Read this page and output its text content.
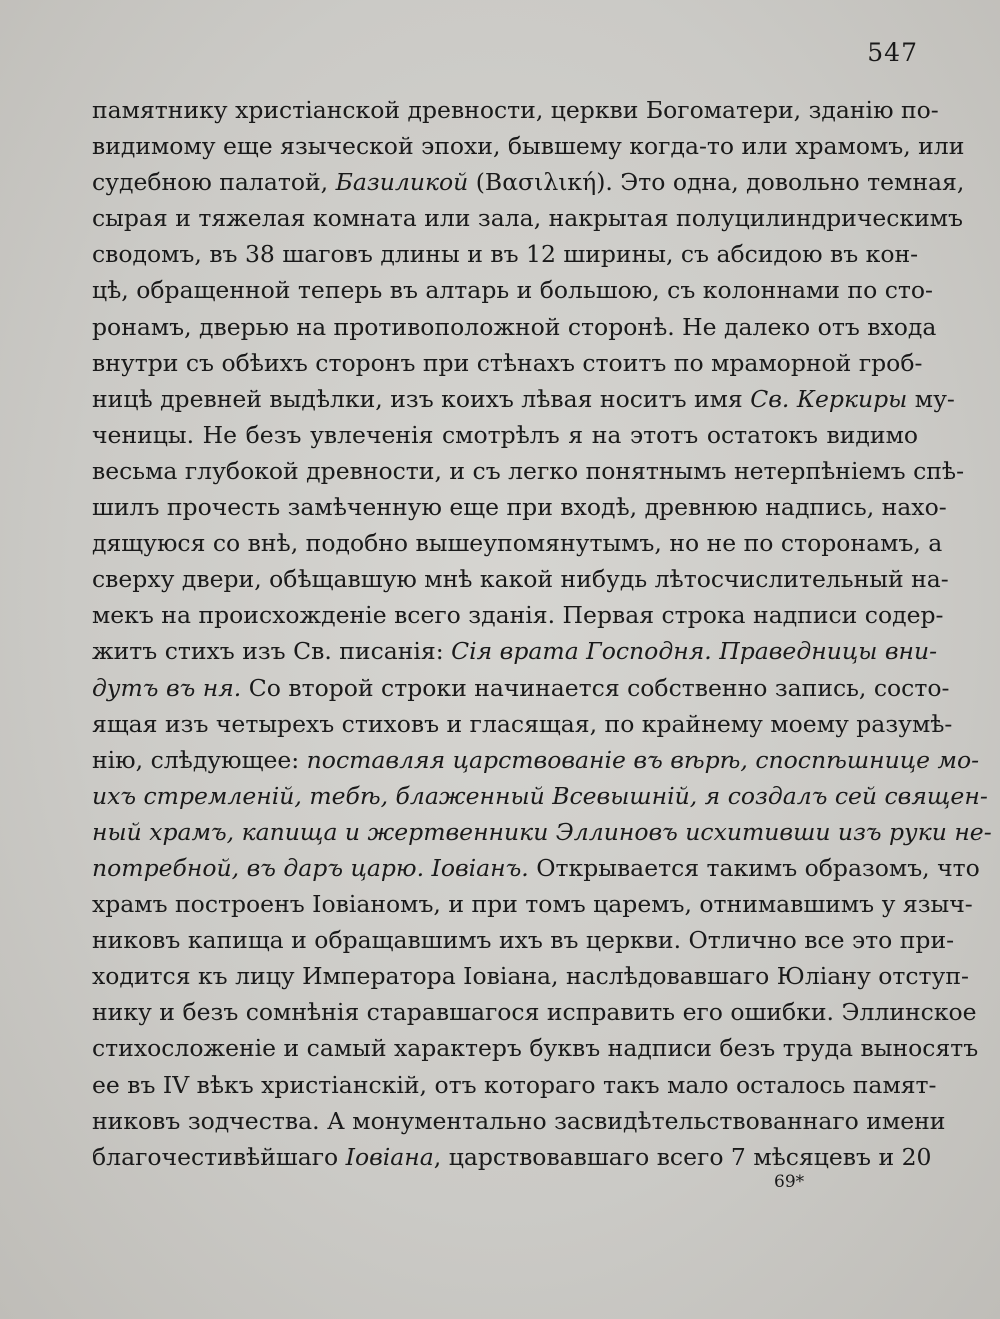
547
памятнику христіанской древности, церкви Богоматери, зданію по-
видимому еще языческой эпохи, бывшему когда-то или храмомъ, или
судебною палатой, Базиликой (Βασιλική). Это одна, довольно темная,
сырая и тяжелая комната или зала, накрытая полуцилиндрическимъ
сводомъ, въ 38 шаговъ длины и въ 12 ширины, съ абсидою въ кон-
цѣ, обращенной теперь въ алтарь и большою, съ колоннами по сто-
ронамъ, дверью на противоположной сторонѣ. Не далеко отъ входа
внутри съ обѣихъ сторонъ при стѣнахъ стоитъ по мраморной гроб-
ницѣ древней выдѣлки, изъ коихъ лѣвая носитъ имя Св. Керкиры му-
ченицы. Не безъ увлеченія смотрѣлъ я на этотъ остатокъ видимо
весьма глубокой древности, и съ легко понятнымъ нетерпѣніемъ спѣ-
шилъ прочесть замѣченную еще при входѣ, древнюю надпись, нахо-
дящуюся со внѣ, подобно вышеупомянутымъ, но не по сторонамъ, а
сверху двери, обѣщавшую мнѣ какой нибудь лѣтосчислительный на-
мекъ на происхожденіе всего зданія. Первая строка надписи содер-
житъ стихъ изъ Св. писанія: Сія врата Господня. Праведницы вни-
дутъ въ ня. Со второй строки начинается собственно запись, состо-
ящая изъ четырехъ стиховъ и гласящая, по крайнему моему разумѣ-
нію, слѣдующее: поставляя царствованіе въ вѣрѣ, споспѣшнице мо-
ихъ стремленій, тебѣ, блаженный Всевышній, я создалъ сей священ-
ный храмъ, капища и жертвенники Эллиновъ исхитивши изъ руки не-
потребной, въ даръ царю. Іовіанъ. Открывается такимъ образомъ, что
храмъ построенъ Іовіаномъ, и при томъ царемъ, отнимавшимъ у языч-
никовъ капища и обращавшимъ ихъ въ церкви. Отлично все это при-
ходится къ лицу Императора Іовіана, наслѣдовавшаго Юліану отступ-
нику и безъ сомнѣнія старавшагося исправить его ошибки. Эллинское
стихосложеніе и самый характеръ буквъ надписи безъ труда выносятъ
ее въ IV вѣкъ христіанскій, отъ котораго такъ мало осталось памят-
никовъ зодчества. А монументально засвидѣтельствованнаго имени
благочестивѣйшаго Іовіана, царствовавшаго всего 7 мѣсяцевъ и 20
69*
